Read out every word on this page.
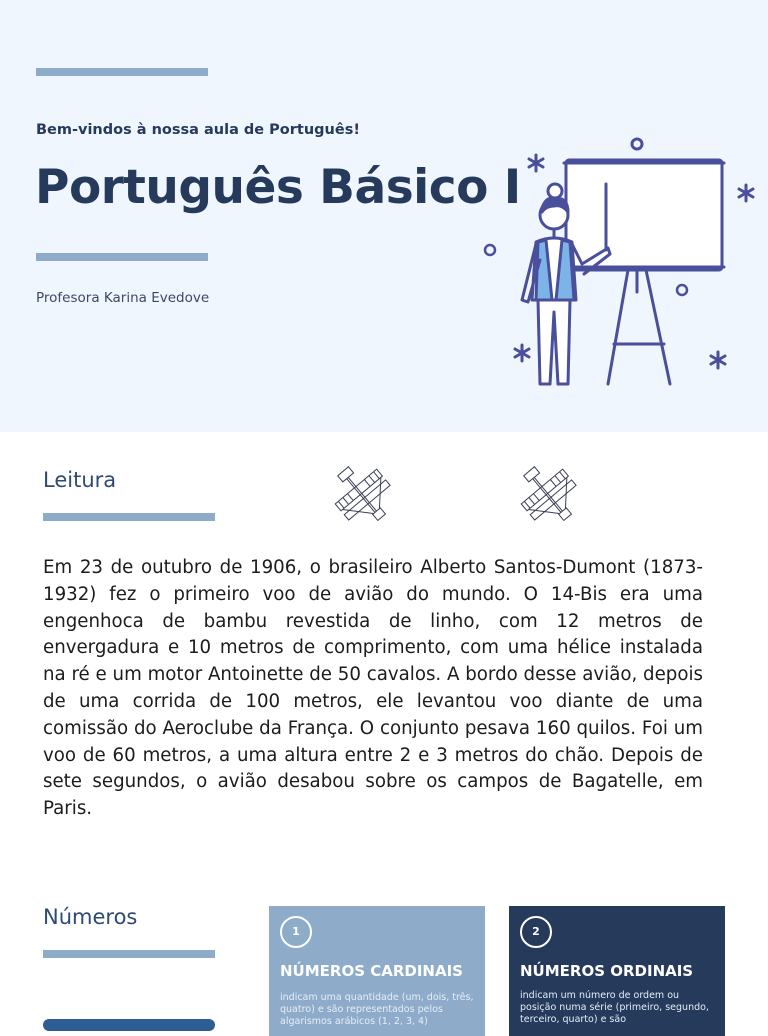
Bem-vindos à nossa aula de Português!
Português Básico I
Profesora Karina Evedove
Leitura
Em 23 de outubro de 1906, o brasileiro Alberto Santos-Dumont (1873-1932) fez o primeiro voo de avião do mundo. O 14-Bis era uma engenhoca de bambu revestida de linho, com 12 metros de envergadura e 10 metros de comprimento, com uma hélice instalada na ré e um motor Antoinette de 50 cavalos. A bordo desse avião, depois de uma corrida de 100 metros, ele levantou voo diante de uma comissão do Aeroclube da França. O conjunto pesava 160 quilos. Foi um voo de 60 metros, a uma altura entre 2 e 3 metros do chão. Depois de sete segundos, o avião desabou sobre os campos de Bagatelle, em Paris.
Números
1
NÚMEROS CARDINAIS
indicam uma quantidade (um, dois, três, quatro) e são representados pelos algarismos arábicos (1, 2, 3, 4)
2
NÚMEROS ORDINAIS
indicam um número de ordem ou posição numa série (primeiro, segundo, terceiro, quarto) e são
